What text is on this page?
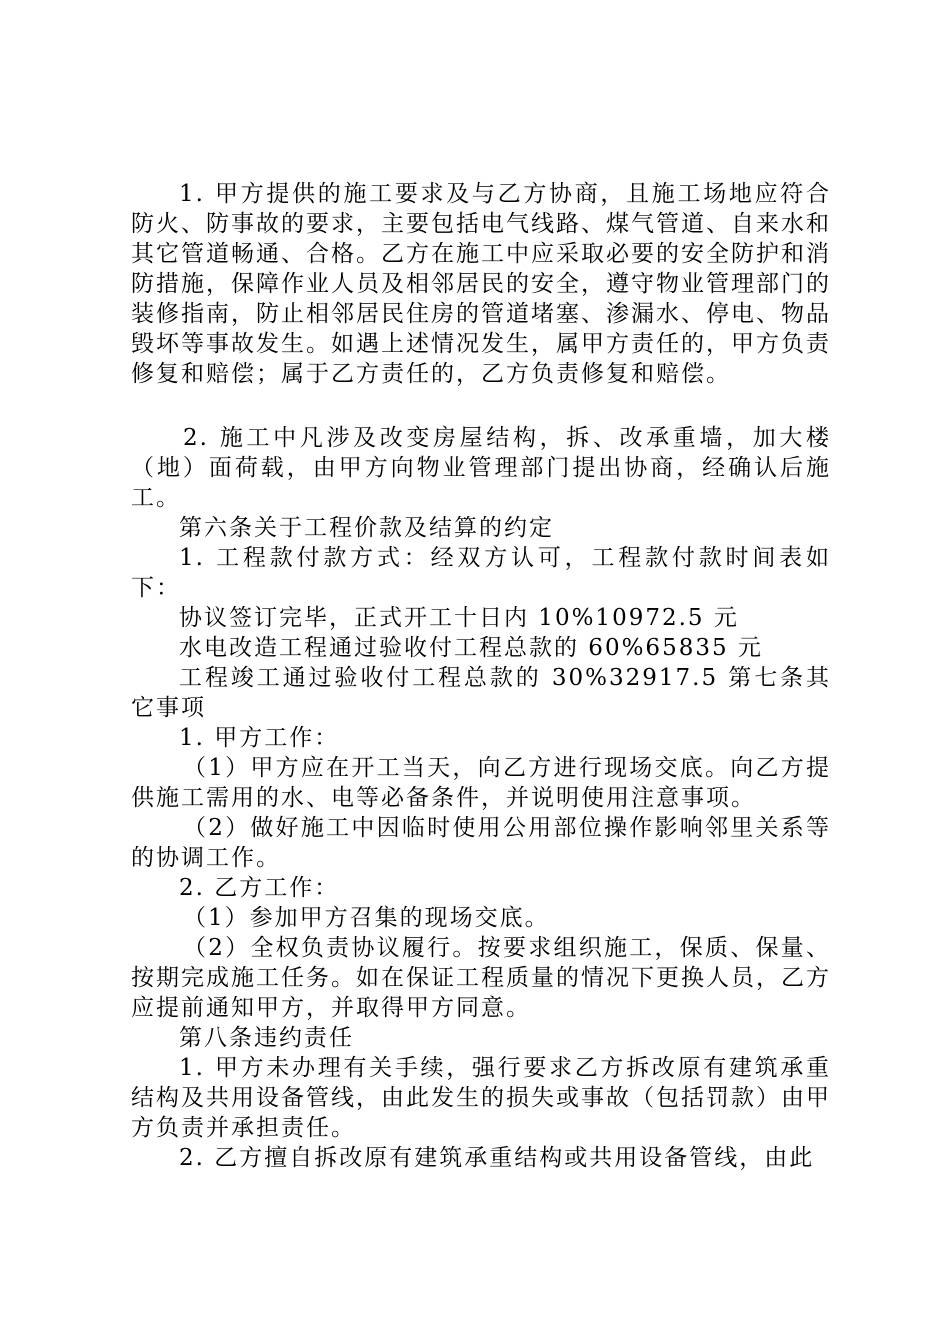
1. 甲方提供的施工要求及与乙方协商，且施工场地应符合防火、防事故的要求，主要包括电气线路、煤气管道、自来水和其它管道畅通、合格。乙方在施工中应采取必要的安全防护和消防措施，保障作业人员及相邻居民的安全，遵守物业管理部门的装修指南，防止相邻居民住房的管道堵塞、渗漏水、停电、物品毁坏等事故发生。如遇上述情况发生，属甲方责任的，甲方负责修复和赔偿；属于乙方责任的，乙方负责修复和赔偿。

2. 施工中凡涉及改变房屋结构，拆、改承重墙，加大楼（地）面荷载，由甲方向物业管理部门提出协商，经确认后施工。

第六条关于工程价款及结算的约定

1. 工程款付款方式：经双方认可，工程款付款时间表如下：

协议签订完毕，正式开工十日内 10%10972.5 元

水电改造工程通过验收付工程总款的 60%65835 元

工程竣工通过验收付工程总款的 30%32917.5 第七条其它事项

1. 甲方工作：

（1）甲方应在开工当天，向乙方进行现场交底。向乙方提供施工需用的水、电等必备条件，并说明使用注意事项。

（2）做好施工中因临时使用公用部位操作影响邻里关系等的协调工作。

2. 乙方工作：

（1）参加甲方召集的现场交底。

（2）全权负责协议履行。按要求组织施工，保质、保量、按期完成施工任务。如在保证工程质量的情况下更换人员，乙方应提前通知甲方，并取得甲方同意。

第八条违约责任

1. 甲方未办理有关手续，强行要求乙方拆改原有建筑承重结构及共用设备管线，由此发生的损失或事故（包括罚款）由甲方负责并承担责任。

2. 乙方擅自拆改原有建筑承重结构或共用设备管线，由此
